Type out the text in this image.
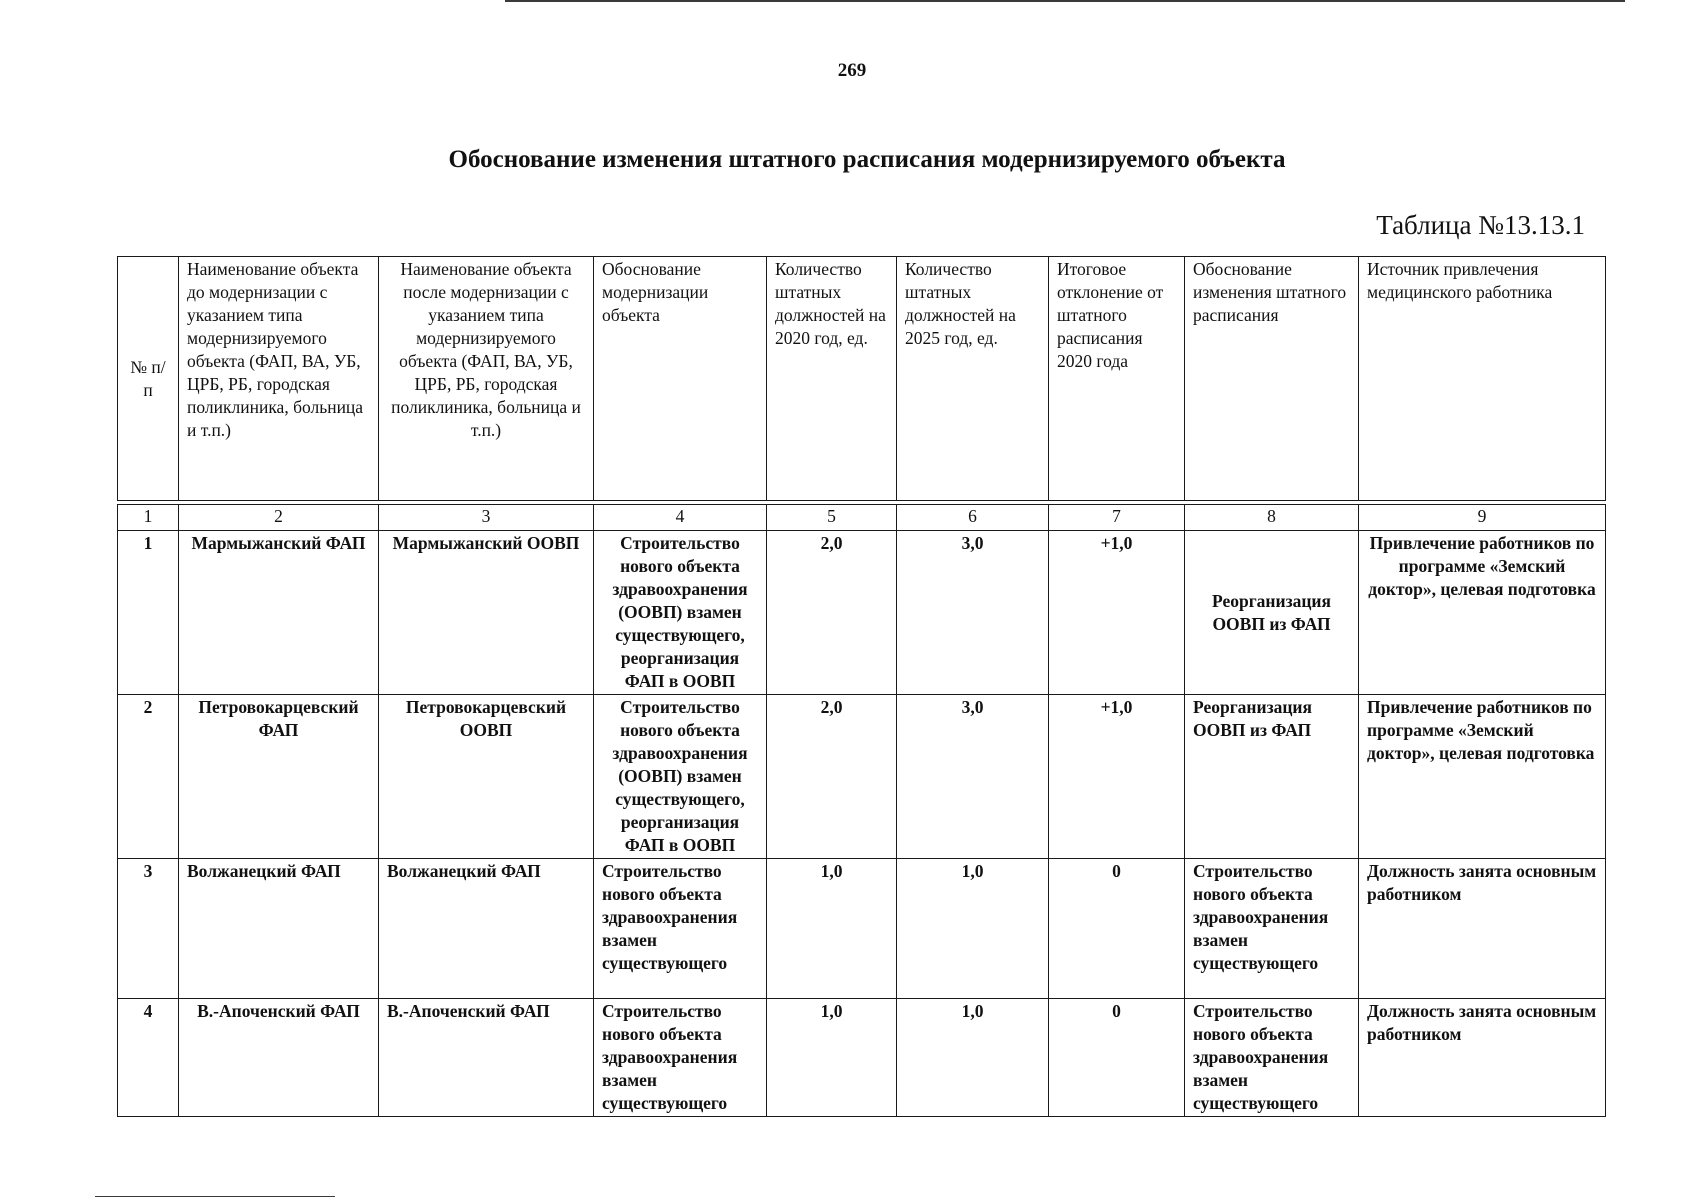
269
Обоснование изменения штатного расписания модернизируемого объекта
Таблица №13.13.1
№ п/п	Наименование объекта до модернизации с указанием типа модернизируемого объекта (ФАП, ВА, УБ, ЦРБ, РБ, городская поликлиника, больница и т.п.)	Наименование объекта после модернизации с указанием типа модернизируемого объекта (ФАП, ВА, УБ, ЦРБ, РБ, городская поликлиника, больница и т.п.)	Обоснование модернизации объекта	Количество штатных должностей на 2020 год, ед.	Количество штатных должностей на 2025 год, ед.	Итоговое отклонение от штатного расписания 2020 года	Обоснование изменения штатного расписания	Источник привлечения медицинского работника

1	2	3	4	5	6	7	8	9
1	Мармыжанский ФАП	Мармыжанский ООВП	Строительство нового объекта здравоохранения (ООВП) взамен существующего, реорганизация ФАП в ООВП	2,0	3,0	+1,0	Реорганизация ООВП из ФАП	Привлечение работников по программе «Земский доктор», целевая подготовка
2	Петровокарцевский ФАП	Петровокарцевский ООВП	Строительство нового объекта здравоохранения (ООВП) взамен существующего, реорганизация ФАП в ООВП	2,0	3,0	+1,0	Реорганизация ООВП из ФАП	Привлечение работников по программе «Земский доктор», целевая подготовка
3	Волжанецкий ФАП	Волжанецкий ФАП	Строительство нового объекта здравоохранения взамен существующего	1,0	1,0	0	Строительство нового объекта здравоохранения взамен существующего	Должность занята основным работником
4	В.-Апоченский ФАП	В.-Апоченский ФАП	Строительство нового объекта здравоохранения взамен существующего	1,0	1,0	0	Строительство нового объекта здравоохранения взамен существующего	Должность занята основным работником
